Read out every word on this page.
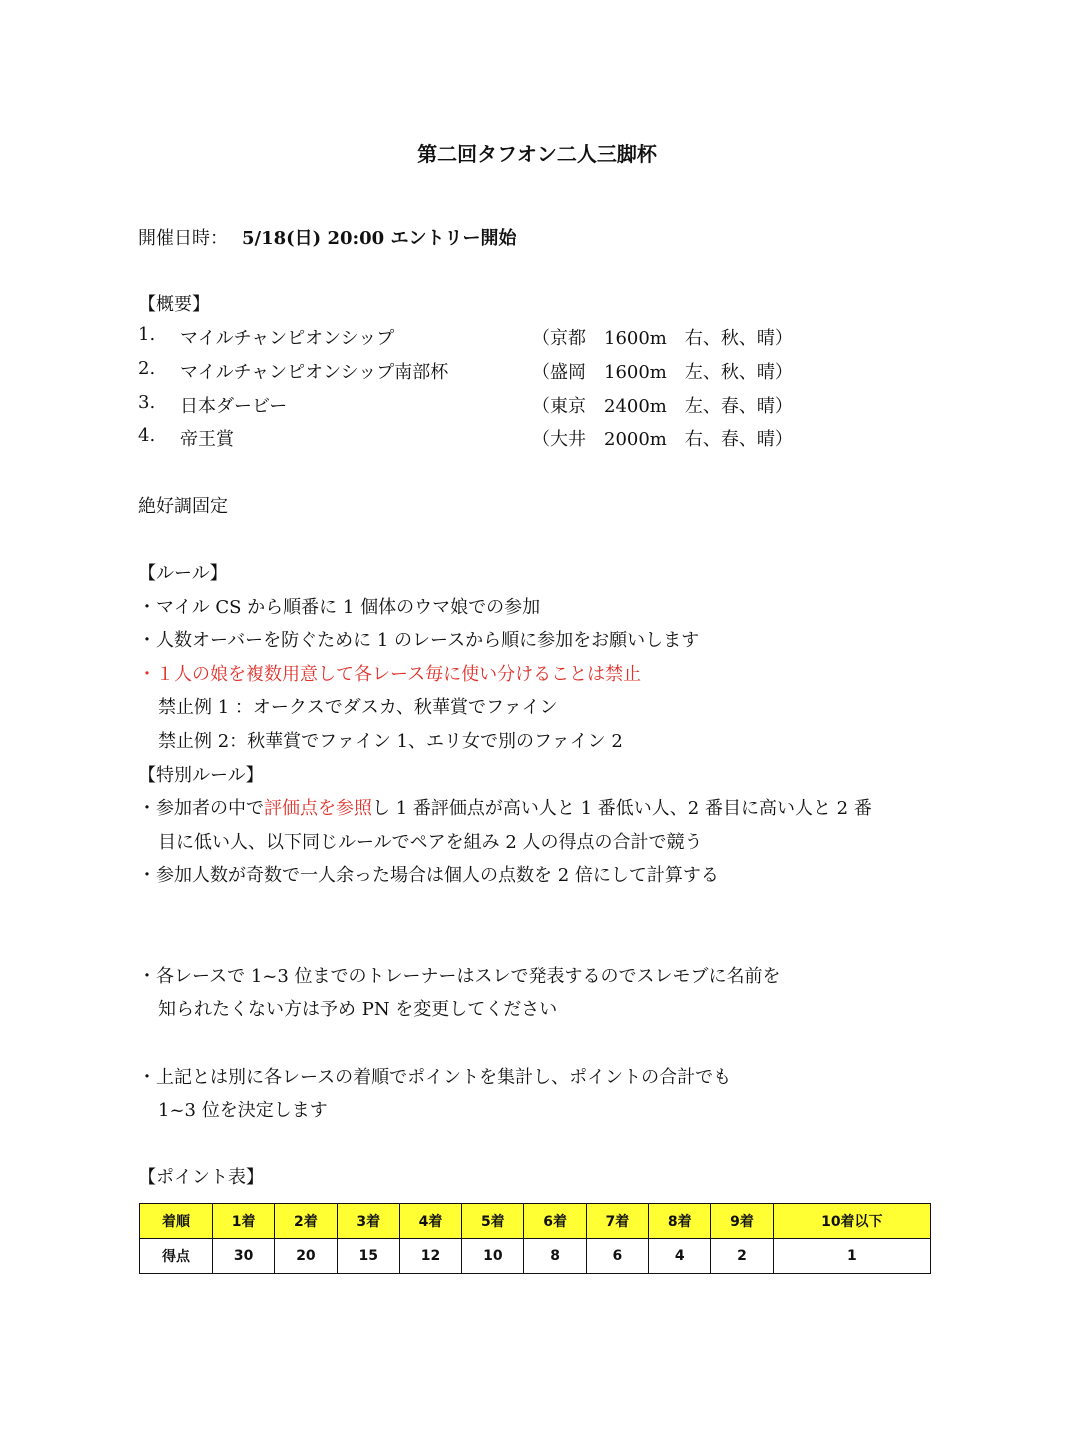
第二回タフオン二人三脚杯
開催日時： 5/18(日) 20:00 エントリー開始
【概要】
1. マイルチャンピオンシップ	（京都　1600m　右、秋、晴）
2. マイルチャンピオンシップ南部杯	（盛岡　1600m　左、秋、晴）
3. 日本ダービー	（東京　2400m　左、春、晴）
4. 帝王賞	（大井　2000m　右、春、晴）
絶好調固定
【ルール】
・マイル CS から順番に 1 個体のウマ娘での参加
・人数オーバーを防ぐために 1 のレースから順に参加をお願いします
・１人の娘を複数用意して各レース毎に使い分けることは禁止
禁止例 1 ：オークスでダスカ、秋華賞でファイン
禁止例 2：秋華賞でファイン 1、エリ女で別のファイン 2
【特別ルール】
・参加者の中で評価点を参照し 1 番評価点が高い人と 1 番低い人、2 番目に高い人と 2 番
目に低い人、以下同じルールでペアを組み 2 人の得点の合計で競う
・参加人数が奇数で一人余った場合は個人の点数を 2 倍にして計算する
・各レースで 1~3 位までのトレーナーはスレで発表するのでスレモブに名前を
知られたくない方は予め PN を変更してください
・上記とは別に各レースの着順でポイントを集計し、ポイントの合計でも
1~3 位を決定します
【ポイント表】
着順	1着	2着	3着	4着	5着	6着	7着	8着	9着	10着以下
得点	30	20	15	12	10	8	6	4	2	1
